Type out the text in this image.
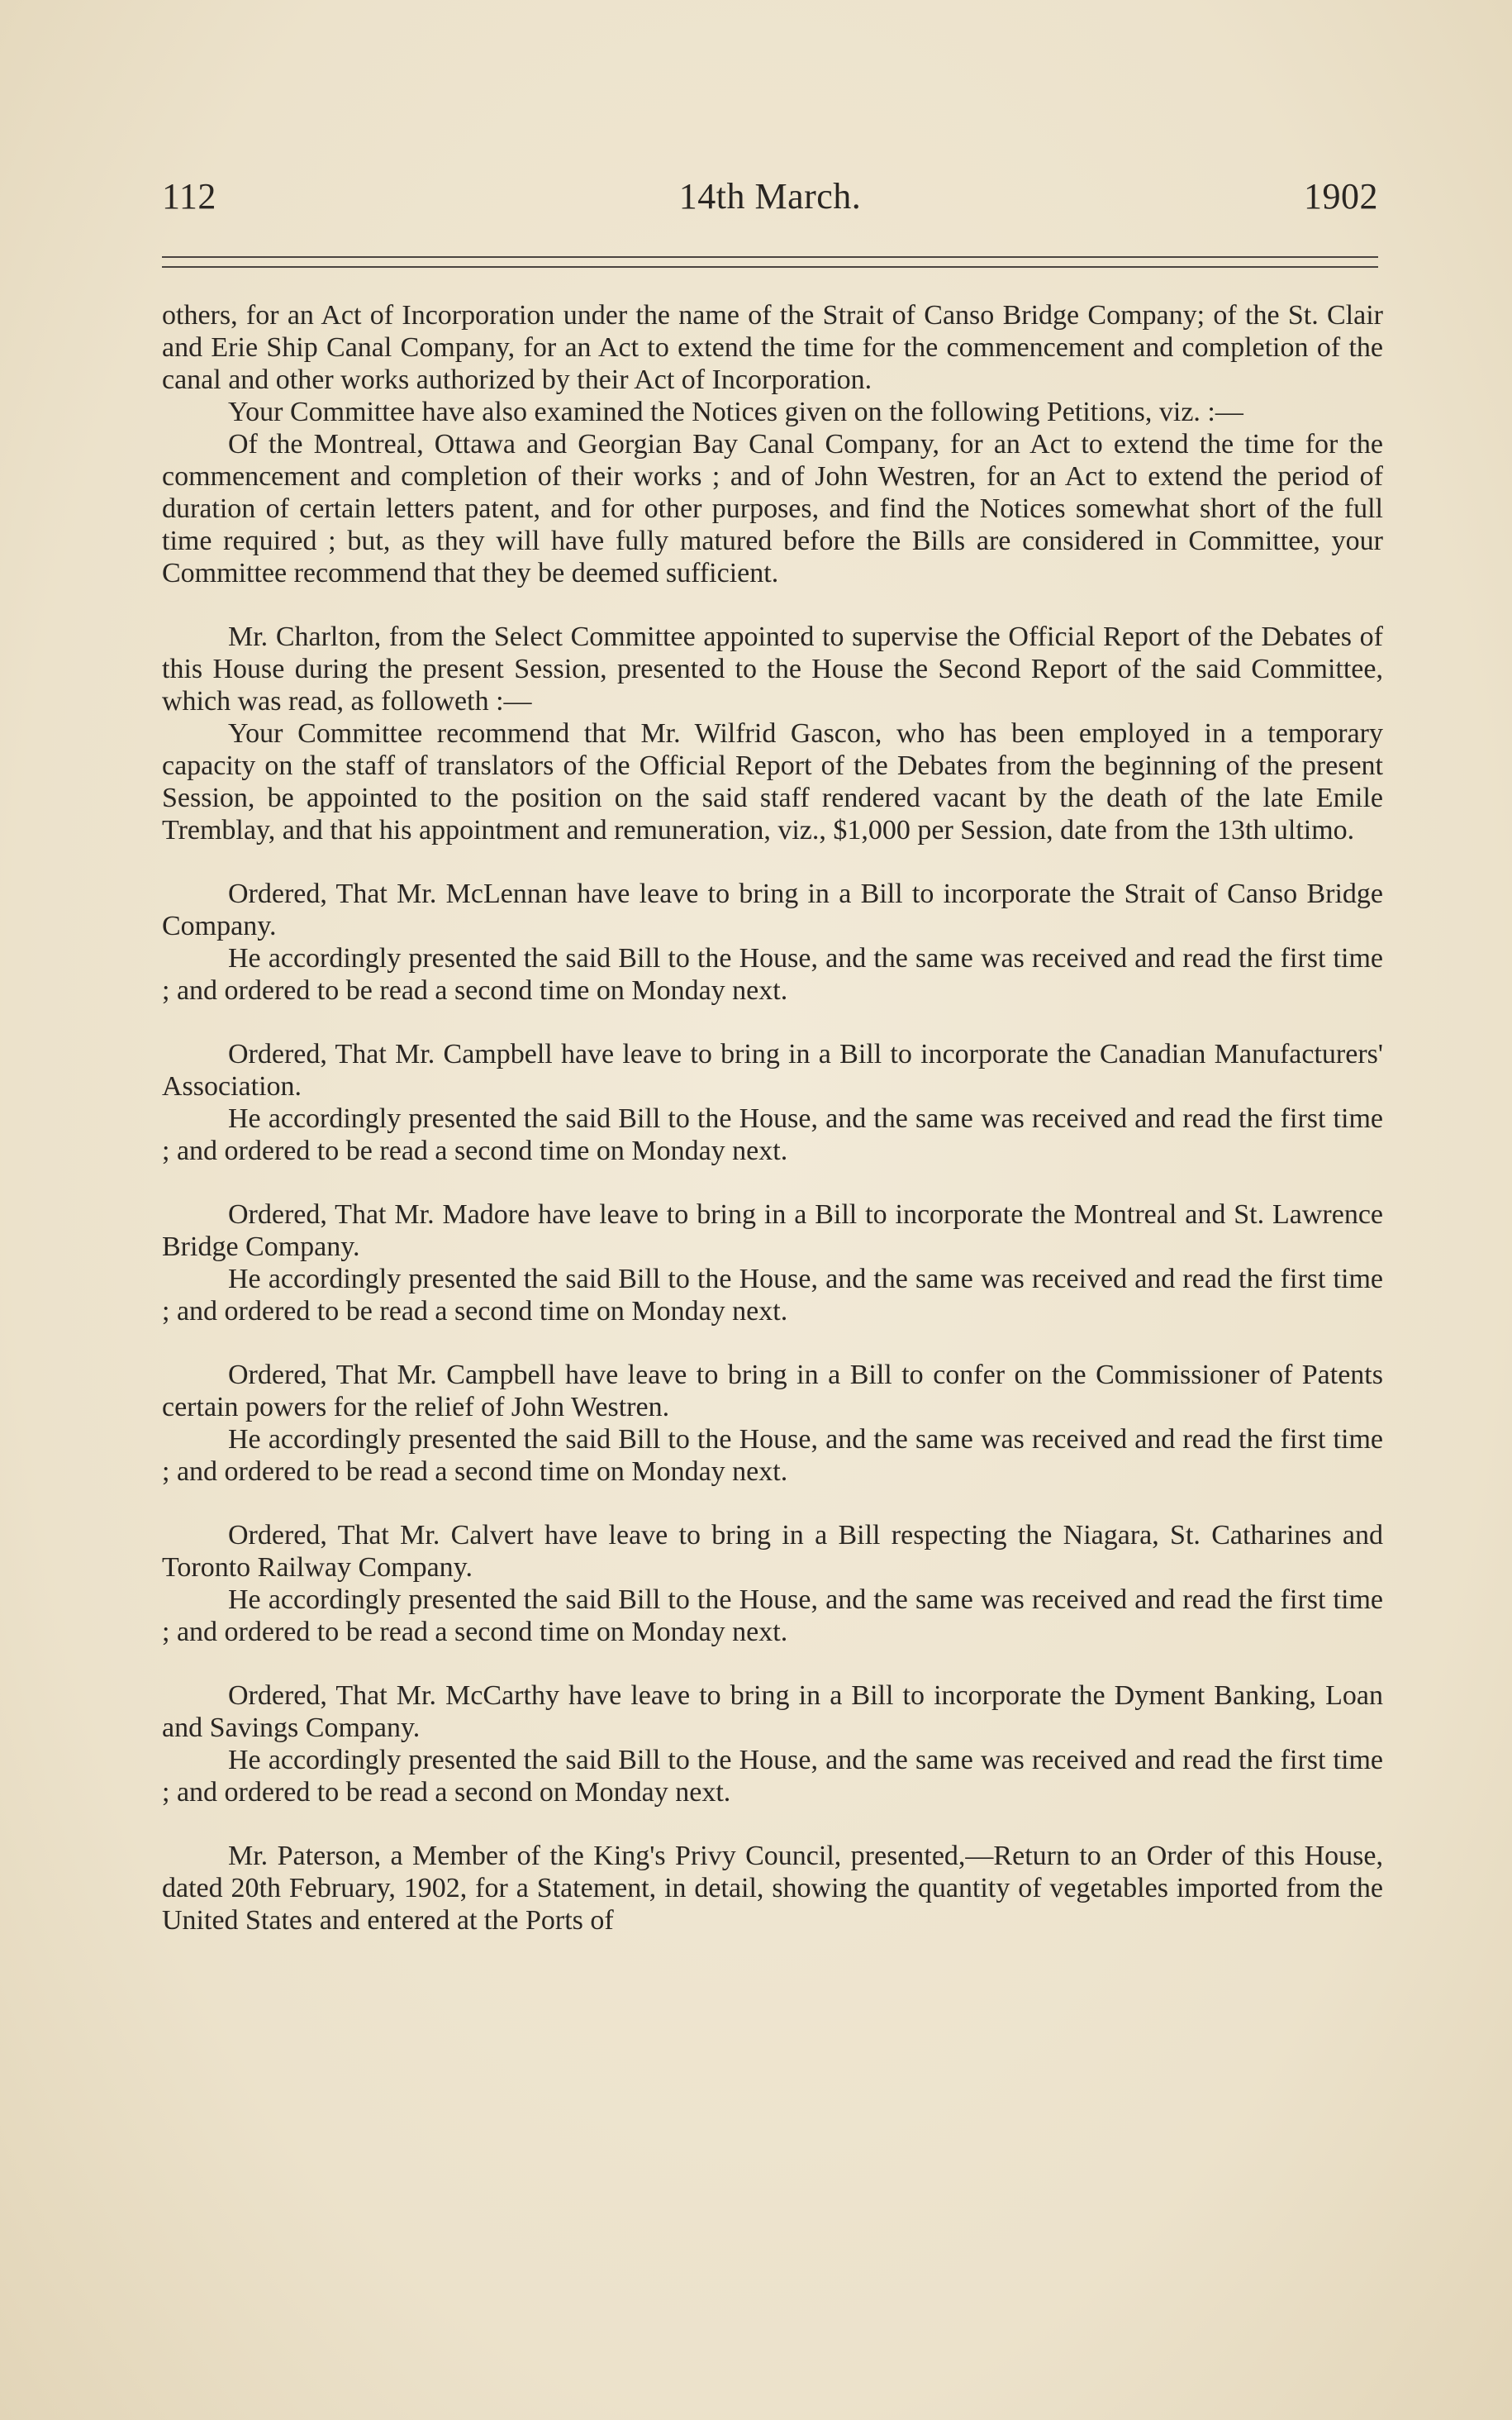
112	14th March.	1902

others, for an Act of Incorporation under the name of the Strait of Canso Bridge Company; of the St. Clair and Erie Ship Canal Company, for an Act to extend the time for the commencement and completion of the canal and other works authorized by their Act of Incorporation.

Your Committee have also examined the Notices given on the following Petitions, viz. :—

Of the Montreal, Ottawa and Georgian Bay Canal Company, for an Act to extend the time for the commencement and completion of their works ; and of John Westren, for an Act to extend the period of duration of certain letters patent, and for other purposes, and find the Notices somewhat short of the full time required ; but, as they will have fully matured before the Bills are considered in Committee, your Committee recommend that they be deemed sufficient.

Mr. Charlton, from the Select Committee appointed to supervise the Official Report of the Debates of this House during the present Session, presented to the House the Second Report of the said Committee, which was read, as followeth :—

Your Committee recommend that Mr. Wilfrid Gascon, who has been employed in a temporary capacity on the staff of translators of the Official Report of the Debates from the beginning of the present Session, be appointed to the position on the said staff rendered vacant by the death of the late Emile Tremblay, and that his appointment and remuneration, viz., $1,000 per Session, date from the 13th ultimo.

Ordered, That Mr. McLennan have leave to bring in a Bill to incorporate the Strait of Canso Bridge Company.

He accordingly presented the said Bill to the House, and the same was received and read the first time ; and ordered to be read a second time on Monday next.

Ordered, That Mr. Campbell have leave to bring in a Bill to incorporate the Canadian Manufacturers' Association.

He accordingly presented the said Bill to the House, and the same was received and read the first time ; and ordered to be read a second time on Monday next.

Ordered, That Mr. Madore have leave to bring in a Bill to incorporate the Montreal and St. Lawrence Bridge Company.

He accordingly presented the said Bill to the House, and the same was received and read the first time ; and ordered to be read a second time on Monday next.

Ordered, That Mr. Campbell have leave to bring in a Bill to confer on the Commissioner of Patents certain powers for the relief of John Westren.

He accordingly presented the said Bill to the House, and the same was received and read the first time ; and ordered to be read a second time on Monday next.

Ordered, That Mr. Calvert have leave to bring in a Bill respecting the Niagara, St. Catharines and Toronto Railway Company.

He accordingly presented the said Bill to the House, and the same was received and read the first time ; and ordered to be read a second time on Monday next.

Ordered, That Mr. McCarthy have leave to bring in a Bill to incorporate the Dyment Banking, Loan and Savings Company.

He accordingly presented the said Bill to the House, and the same was received and read the first time ; and ordered to be read a second on Monday next.

Mr. Paterson, a Member of the King's Privy Council, presented,—Return to an Order of this House, dated 20th February, 1902, for a Statement, in detail, showing the quantity of vegetables imported from the United States and entered at the Ports of
